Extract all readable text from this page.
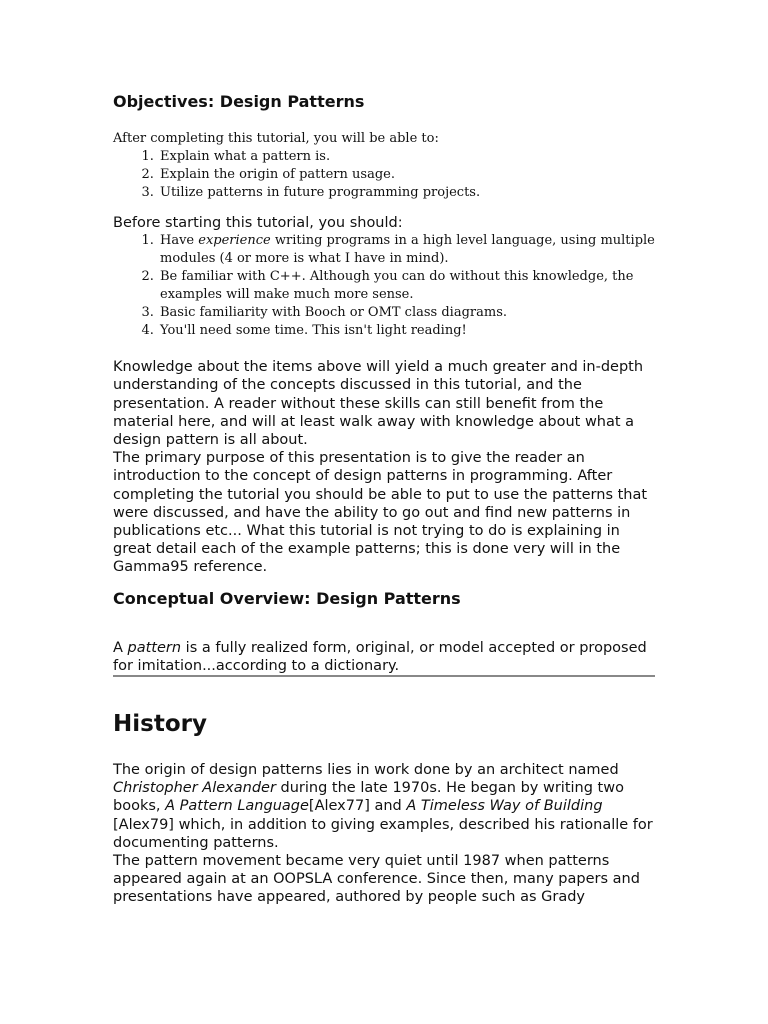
Objectives: Design Patterns

After completing this tutorial, you will be able to:

1. Explain what a pattern is.
2. Explain the origin of pattern usage.
3. Utilize patterns in future programming projects.

Before starting this tutorial, you should:

1. Have experience writing programs in a high level language, using multiple modules (4 or more is what I have in mind).
2. Be familiar with C++. Although you can do without this knowledge, the examples will make much more sense.
3. Basic familiarity with Booch or OMT class diagrams.
4. You'll need some time. This isn't light reading!

Knowledge about the items above will yield a much greater and in-depth understanding of the concepts discussed in this tutorial, and the presentation. A reader without these skills can still benefit from the material here, and will at least walk away with knowledge about what a design pattern is all about.

The primary purpose of this presentation is to give the reader an introduction to the concept of design patterns in programming. After completing the tutorial you should be able to put to use the patterns that were discussed, and have the ability to go out and find new patterns in publications etc... What this tutorial is not trying to do is explaining in great detail each of the example patterns; this is done very will in the Gamma95 reference.

Conceptual Overview: Design Patterns

A pattern is a fully realized form, original, or model accepted or proposed for imitation...according to a dictionary.

History

The origin of design patterns lies in work done by an architect named Christopher Alexander during the late 1970s. He began by writing two books, A Pattern Language[Alex77] and A Timeless Way of Building [Alex79] which, in addition to giving examples, described his rationalle for documenting patterns.

The pattern movement became very quiet until 1987 when patterns appeared again at an OOPSLA conference. Since then, many papers and presentations have appeared, authored by people such as Grady
